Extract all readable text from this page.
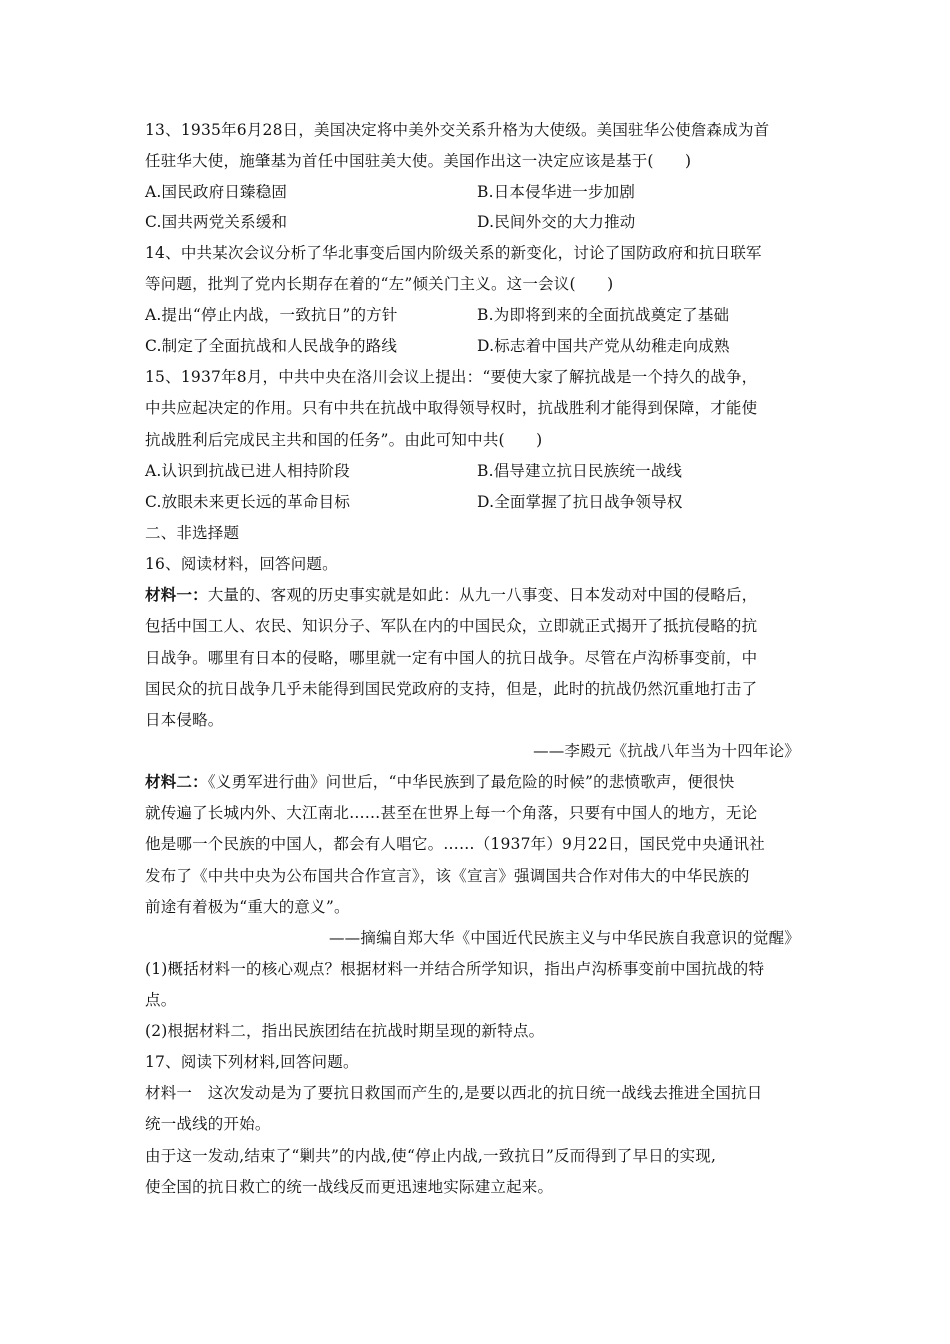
13、1935年6月28日，美国决定将中美外交关系升格为大使级。美国驻华公使詹森成为首
任驻华大使，施肇基为首任中国驻美大使。美国作出这一决定应该是基于(　　)
A.国民政府日臻稳固	B.日本侵华进一步加剧
C.国共两党关系缓和	D.民间外交的大力推动
14、中共某次会议分析了华北事变后国内阶级关系的新变化，讨论了国防政府和抗日联军
等问题，批判了党内长期存在着的“左”倾关门主义。这一会议(　　)
A.提出“停止内战，一致抗日”的方针	B.为即将到来的全面抗战奠定了基础
C.制定了全面抗战和人民战争的路线	D.标志着中国共产党从幼稚走向成熟
15、1937年8月，中共中央在洛川会议上提出：“要使大家了解抗战是一个持久的战争，
中共应起决定的作用。只有中共在抗战中取得领导权时，抗战胜利才能得到保障，才能使
抗战胜利后完成民主共和国的任务”。由此可知中共(　　)
A.认识到抗战已进人相持阶段	B.倡导建立抗日民族统一战线
C.放眼未来更长远的革命目标	D.全面掌握了抗日战争领导权
二、非选择题
16、阅读材料，回答问题。
材料一：大量的、客观的历史事实就是如此：从九一八事变、日本发动对中国的侵略后，
包括中国工人、农民、知识分子、军队在内的中国民众，立即就正式揭开了抵抗侵略的抗
日战争。哪里有日本的侵略，哪里就一定有中国人的抗日战争。尽管在卢沟桥事变前，中
国民众的抗日战争几乎未能得到国民党政府的支持，但是，此时的抗战仍然沉重地打击了
日本侵略。
——李殿元《抗战八年当为十四年论》
材料二：《义勇军进行曲》问世后，“中华民族到了最危险的时候”的悲愤歌声，便很快
就传遍了长城内外、大江南北……甚至在世界上每一个角落，只要有中国人的地方，无论
他是哪一个民族的中国人，都会有人唱它。……（1937年）9月22日，国民党中央通讯社
发布了《中共中央为公布国共合作宣言》，该《宣言》强调国共合作对伟大的中华民族的
前途有着极为“重大的意义”。
——摘编自郑大华《中国近代民族主义与中华民族自我意识的觉醒》
(1)概括材料一的核心观点？根据材料一并结合所学知识，指出卢沟桥事变前中国抗战的特
点。
(2)根据材料二，指出民族团结在抗战时期呈现的新特点。
17、阅读下列材料,回答问题。
材料一　这次发动是为了要抗日救国而产生的,是要以西北的抗日统一战线去推进全国抗日
统一战线的开始。
由于这一发动,结束了“剿共”的内战,使“停止内战,一致抗日”反而得到了早日的实现,
使全国的抗日救亡的统一战线反而更迅速地实际建立起来。
